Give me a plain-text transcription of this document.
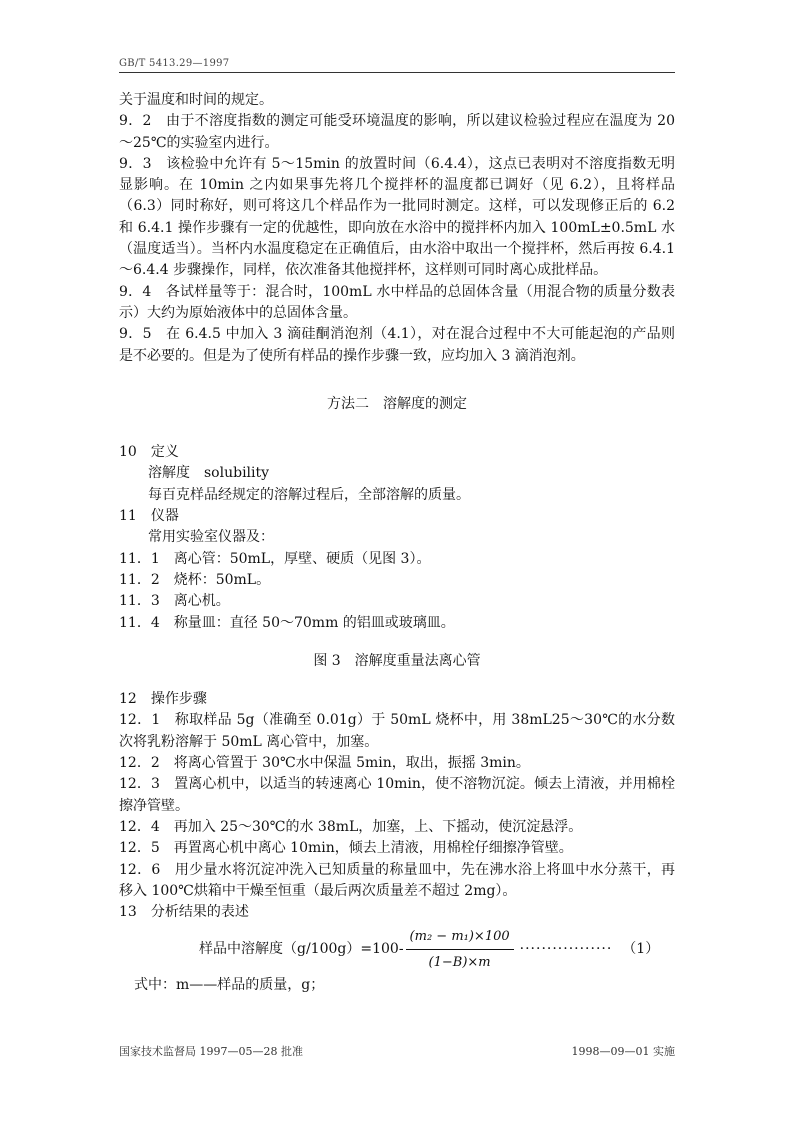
GB/T 5413.29—1997

关于温度和时间的规定。

9．2　由于不溶度指数的测定可能受环境温度的影响，所以建议检验过程应在温度为 20～25℃的实验室内进行。

9．3　该检验中允许有 5～15min 的放置时间（6.4.4），这点已表明对不溶度指数无明显影响。在 10min 之内如果事先将几个搅拌杯的温度都已调好（见 6.2），且将样品（6.3）同时称好，则可将这几个样品作为一批同时测定。这样，可以发现修正后的 6.2 和 6.4.1 操作步骤有一定的优越性，即向放在水浴中的搅拌杯内加入 100mL±0.5mL 水（温度适当）。当杯内水温度稳定在正确值后，由水浴中取出一个搅拌杯，然后再按 6.4.1～6.4.4 步骤操作，同样，依次准备其他搅拌杯，这样则可同时离心成批样品。

9．4　各试样量等于：混合时，100mL 水中样品的总固体含量（用混合物的质量分数表示）大约为原始液体中的总固体含量。

9．5　在 6.4.5 中加入 3 滴硅酮消泡剂（4.1），对在混合过程中不大可能起泡的产品则是不必要的。但是为了使所有样品的操作步骤一致，应均加入 3 滴消泡剂。

方法二　溶解度的测定

10　定义

溶解度　solubility

每百克样品经规定的溶解过程后，全部溶解的质量。

11　仪器

常用实验室仪器及：

11．1　离心管：50mL，厚壁、硬质（见图 3）。

11．2　烧杯：50mL。

11．3　离心机。

11．4　称量皿：直径 50～70mm 的铝皿或玻璃皿。

图 3　溶解度重量法离心管

12　操作步骤

12．1　称取样品 5g（准确至 0.01g）于 50mL 烧杯中，用 38mL25～30℃的水分数次将乳粉溶解于 50mL 离心管中，加塞。

12．2　将离心管置于 30℃水中保温 5min，取出，振摇 3min。

12．3　置离心机中，以适当的转速离心 10min，使不溶物沉淀。倾去上清液，并用棉栓擦净管壁。

12．4　再加入 25～30℃的水 38mL，加塞，上、下摇动，使沉淀悬浮。

12．5　再置离心机中离心 10min，倾去上清液，用棉栓仔细擦净管壁。

12．6　用少量水将沉淀冲洗入已知质量的称量皿中，先在沸水浴上将皿中水分蒸干，再移入 100℃烘箱中干燥至恒重（最后两次质量差不超过 2mg）。

13　分析结果的表述

样品中溶解度$(g/100g)=100- \frac{\text{(m₂ − m₁)×100}}{(1-B)\times m}$ ················· （1）

式中：m——样品的质量，g；

国家技术监督局 1997—05—28 批准	1998—09—01 实施
